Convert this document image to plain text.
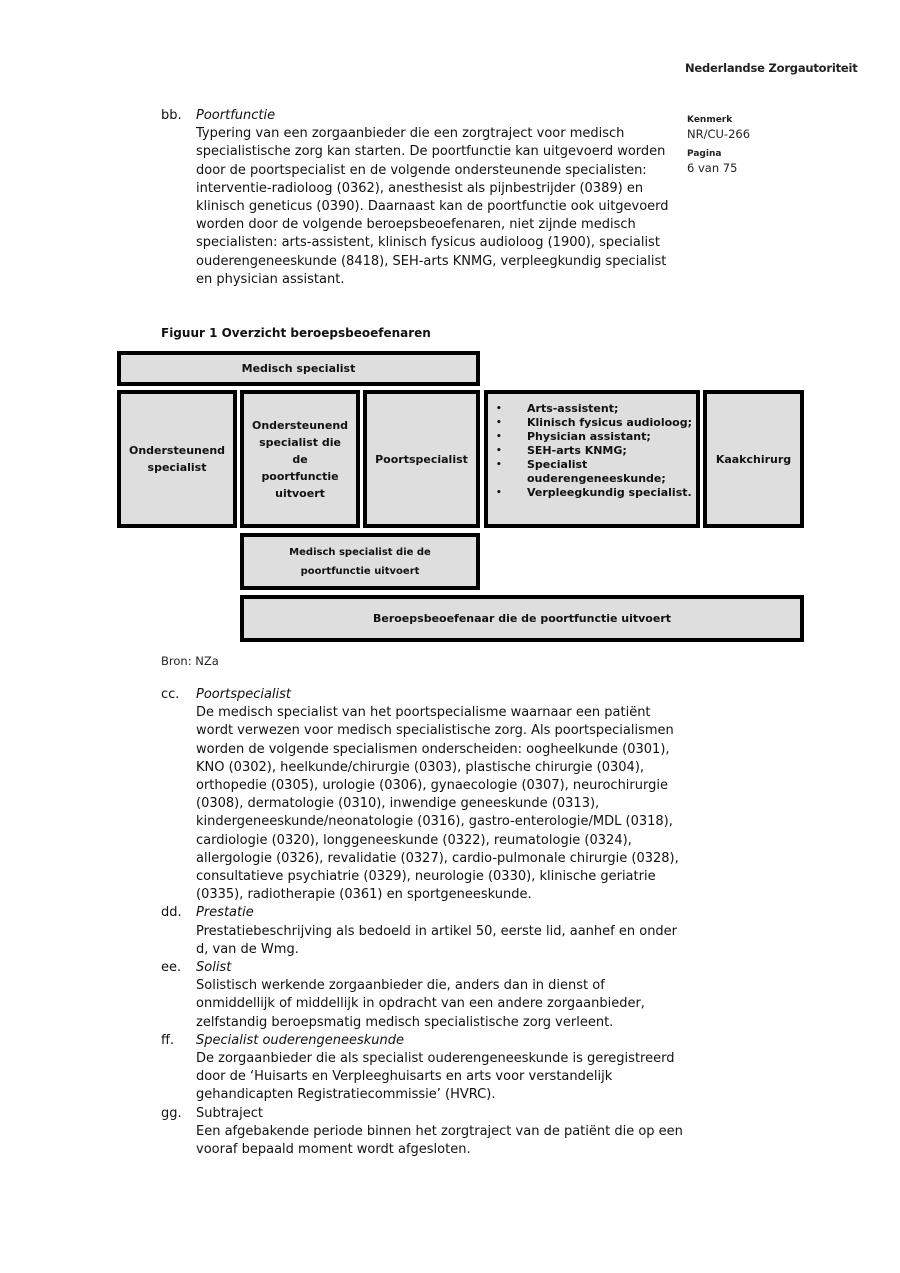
Nederlandse Zorgautoriteit
Kenmerk
NR/CU-266
Pagina
6 van 75
bb. Poortfunctie
Typering van een zorgaanbieder die een zorgtraject voor medisch specialistische zorg kan starten. De poortfunctie kan uitgevoerd worden door de poortspecialist en de volgende ondersteunende specialisten: interventie-radioloog (0362), anesthesist als pijnbestrijder (0389) en klinisch geneticus (0390). Daarnaast kan de poortfunctie ook uitgevoerd worden door de volgende beroepsbeoefenaren, niet zijnde medisch specialisten: arts-assistent, klinisch fysicus audioloog (1900), specialist ouderengeneeskunde (8418), SEH-arts KNMG, verpleegkundig specialist en physician assistant.
Figuur 1 Overzicht beroepsbeoefenaren
Medisch specialist
Ondersteunend specialist
Ondersteunend specialist die de poortfunctie uitvoert
Poortspecialist
• Arts-assistent;
• Klinisch fysicus audioloog;
• Physician assistant;
• SEH-arts KNMG;
• Specialist ouderengeneeskunde;
• Verpleegkundig specialist.
Kaakchirurg
Medisch specialist die de poortfunctie uitvoert
Beroepsbeoefenaar die de poortfunctie uitvoert
Bron: NZa
cc. Poortspecialist
De medisch specialist van het poortspecialisme waarnaar een patiënt wordt verwezen voor medisch specialistische zorg. Als poortspecialismen worden de volgende specialismen onderscheiden: oogheelkunde (0301), KNO (0302), heelkunde/chirurgie (0303), plastische chirurgie (0304), orthopedie (0305), urologie (0306), gynaecologie (0307), neurochirurgie (0308), dermatologie (0310), inwendige geneeskunde (0313), kindergeneeskunde/neonatologie (0316), gastro-enterologie/MDL (0318), cardiologie (0320), longgeneeskunde (0322), reumatologie (0324), allergologie (0326), revalidatie (0327), cardio-pulmonale chirurgie (0328), consultatieve psychiatrie (0329), neurologie (0330), klinische geriatrie (0335), radiotherapie (0361) en sportgeneeskunde.
dd. Prestatie
Prestatiebeschrijving als bedoeld in artikel 50, eerste lid, aanhef en onder d, van de Wmg.
ee. Solist
Solistisch werkende zorgaanbieder die, anders dan in dienst of onmiddellijk of middellijk in opdracht van een andere zorgaanbieder, zelfstandig beroepsmatig medisch specialistische zorg verleent.
ff. Specialist ouderengeneeskunde
De zorgaanbieder die als specialist ouderengeneeskunde is geregistreerd door de ‘Huisarts en Verpleeghuisarts en arts voor verstandelijk gehandicapten Registratiecommissie’ (HVRC).
gg. Subtraject
Een afgebakende periode binnen het zorgtraject van de patiënt die op een vooraf bepaald moment wordt afgesloten.
